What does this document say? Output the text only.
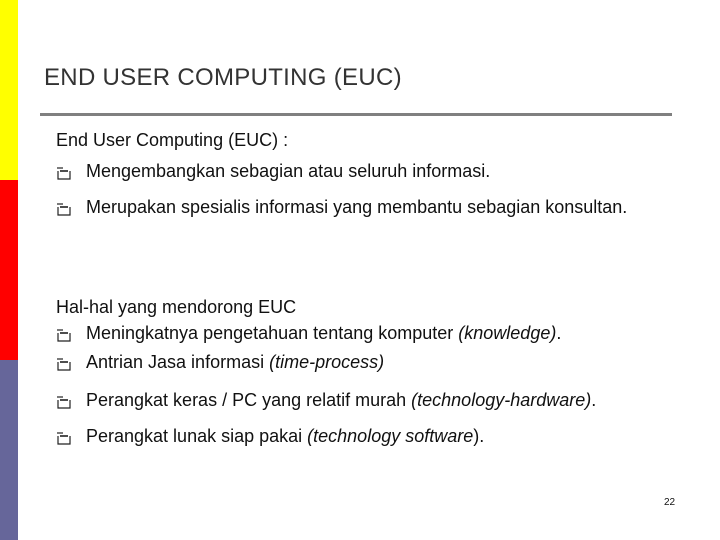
END USER COMPUTING (EUC)
End User Computing (EUC) :
Mengembangkan sebagian atau seluruh informasi.
Merupakan spesialis informasi yang membantu sebagian konsultan.
Hal-hal yang mendorong EUC
Meningkatnya pengetahuan tentang komputer (knowledge).
Antrian Jasa informasi (time-process)
Perangkat keras / PC yang relatif murah (technology-hardware).
Perangkat lunak siap pakai (technology software).
22
